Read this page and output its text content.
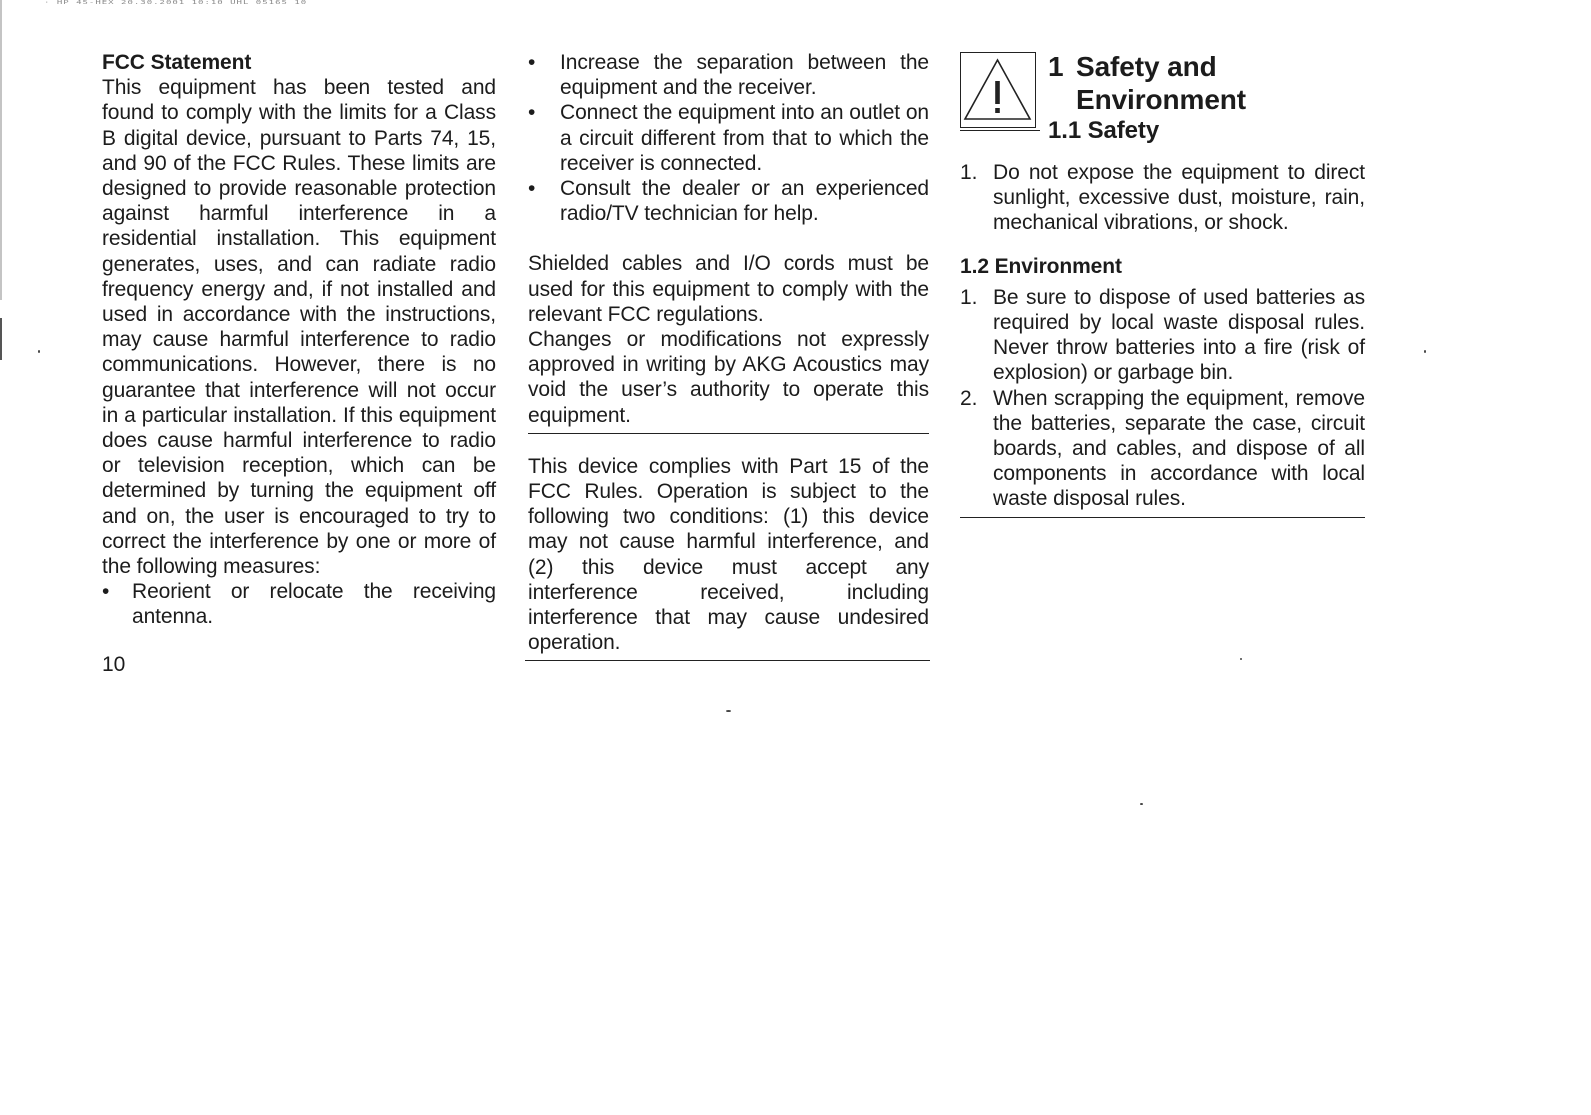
· HP 45-HEX 20.30.2001 10:10 UHL 05165 10

FCC Statement

This equipment has been tested and found to comply with the limits for a Class B digital device, pursuant to Parts 74, 15, and 90 of the FCC Rules. These limits are designed to provide reasonable protection against harmful interference in a residential installation. This equipment generates, uses, and can radiate radio frequency energy and, if not installed and used in accordance with the instructions, may cause harmful interference to radio communications. However, there is no guarantee that interference will not occur in a particular installation. If this equipment does cause harmful interference to radio or television reception, which can be determined by turning the equipment off and on, the user is encouraged to try to correct the interference by one or more of the following measures:

• Reorient or relocate the receiving antenna.
• Increase the separation between the equipment and the receiver.
• Connect the equipment into an outlet on a circuit different from that to which the receiver is connected.
• Consult the dealer or an experienced radio/TV technician for help.

Shielded cables and I/O cords must be used for this equipment to comply with the relevant FCC regulations.

Changes or modifications not expressly approved in writing by AKG Acoustics may void the user’s authority to operate this equipment.

This device complies with Part 15 of the FCC Rules. Operation is subject to the following two conditions: (1) this device may not cause harmful interference, and (2) this device must accept any interference received, including interference that may cause undesired operation.

1 Safety and
Environment
1.1 Safety
1. Do not expose the equipment to direct sunlight, excessive dust, moisture, rain, mechanical vibrations, or shock.

1.2 Environment

1. Be sure to dispose of used batteries as required by local waste disposal rules. Never throw batteries into a fire (risk of explosion) or garbage bin.
2. When scrapping the equipment, remove the batteries, separate the case, circuit boards, and cables, and dispose of all components in accordance with local waste disposal rules.
10
